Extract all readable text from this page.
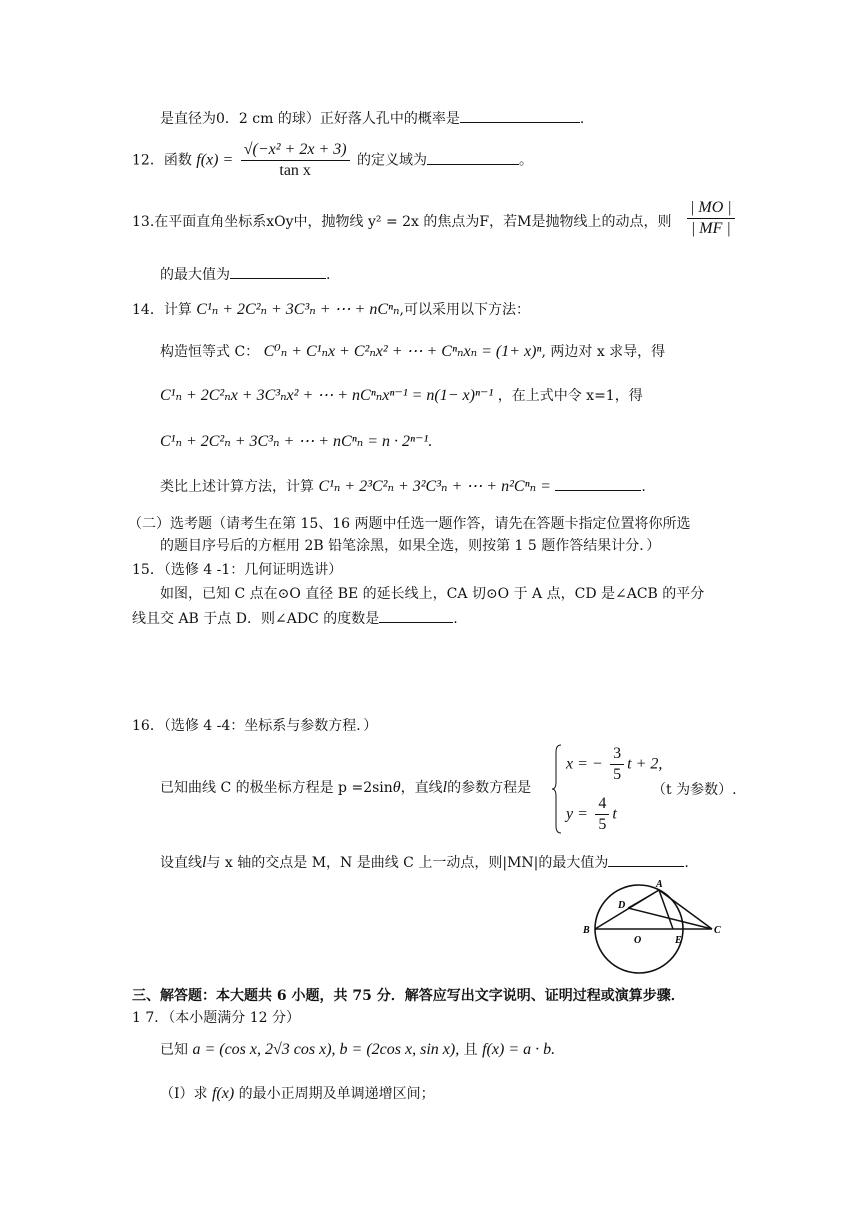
是直径为0．2 cm 的球）正好落人孔中的概率是	.
12．函数 $f(x) = \frac{\text{√(−x² + 2x + 3)}}{\text{tan x}}$ 的定义域为	。
13.在平面直角坐标系xOy中，抛物线 y² = 2x 的焦点为F，若M是抛物线上的动点，则 $\frac{| MO |}{| MF |}$
的最大值为	.
14．计算 C¹ₙ + 2C²ₙ + 3C³ₙ + ⋯ + nCⁿₙ,可以采用以下方法：
构造恒等式 C： C⁰ₙ + C¹ₙx + C²ₙx² + ⋯ + Cⁿₙxₙ = (1+ x)ⁿ, 两边对 x 求导，得
C¹ₙ + 2C²ₙx + 3C³ₙx² + ⋯ + nCⁿₙxⁿ⁻¹ = n(1− x)ⁿ⁻¹ ，在上式中令 x=1，得
C¹ₙ + 2C²ₙ + 3C³ₙ + ⋯ + nCⁿₙ = n · 2ⁿ⁻¹.
类比上述计算方法，计算 C¹ₙ + 2³C²ₙ + 3²C³ₙ + ⋯ + n²Cⁿₙ =	.
（二）选考题（请考生在第 15、16 两题中任选一题作答，请先在答题卡指定位置将你所选
的题目序号后的方框用 2B 铅笔涂黑，如果全选，则按第 1 5 题作答结果计分．）
15．（选修 4 -1：几何证明选讲）
如图，已知 C 点在⊙O 直径 BE 的延长线上，CA 切⊙O 于 A 点，CD 是∠ACB 的平分
线且交 AB 于点 D．则∠ADC 的度数是	.
16．（选修 4 -4：坐标系与参数方程．）
已知曲线 C 的极坐标方程是 p =2sinθ，直线l的参数方程是
x = − $\frac{3}{5}$ t + 2,
$y = \frac{4}{5}$ t
（t 为参数）.
设直线l与 x 轴的交点是 M，N 是曲线 C 上一动点，则|MN|的最大值为	.
A
B	C
D
E
O
三、解答题：本大题共 6 小题，共 75 分．解答应写出文字说明、证明过程或演算步骤．
1 7．（本小题满分 12 分）
已知 a = (cos x, 2√3 cos x), b = (2cos x, sin x), 且 f(x) = a · b.
（I）求 f(x) 的最小正周期及单调递增区间；
